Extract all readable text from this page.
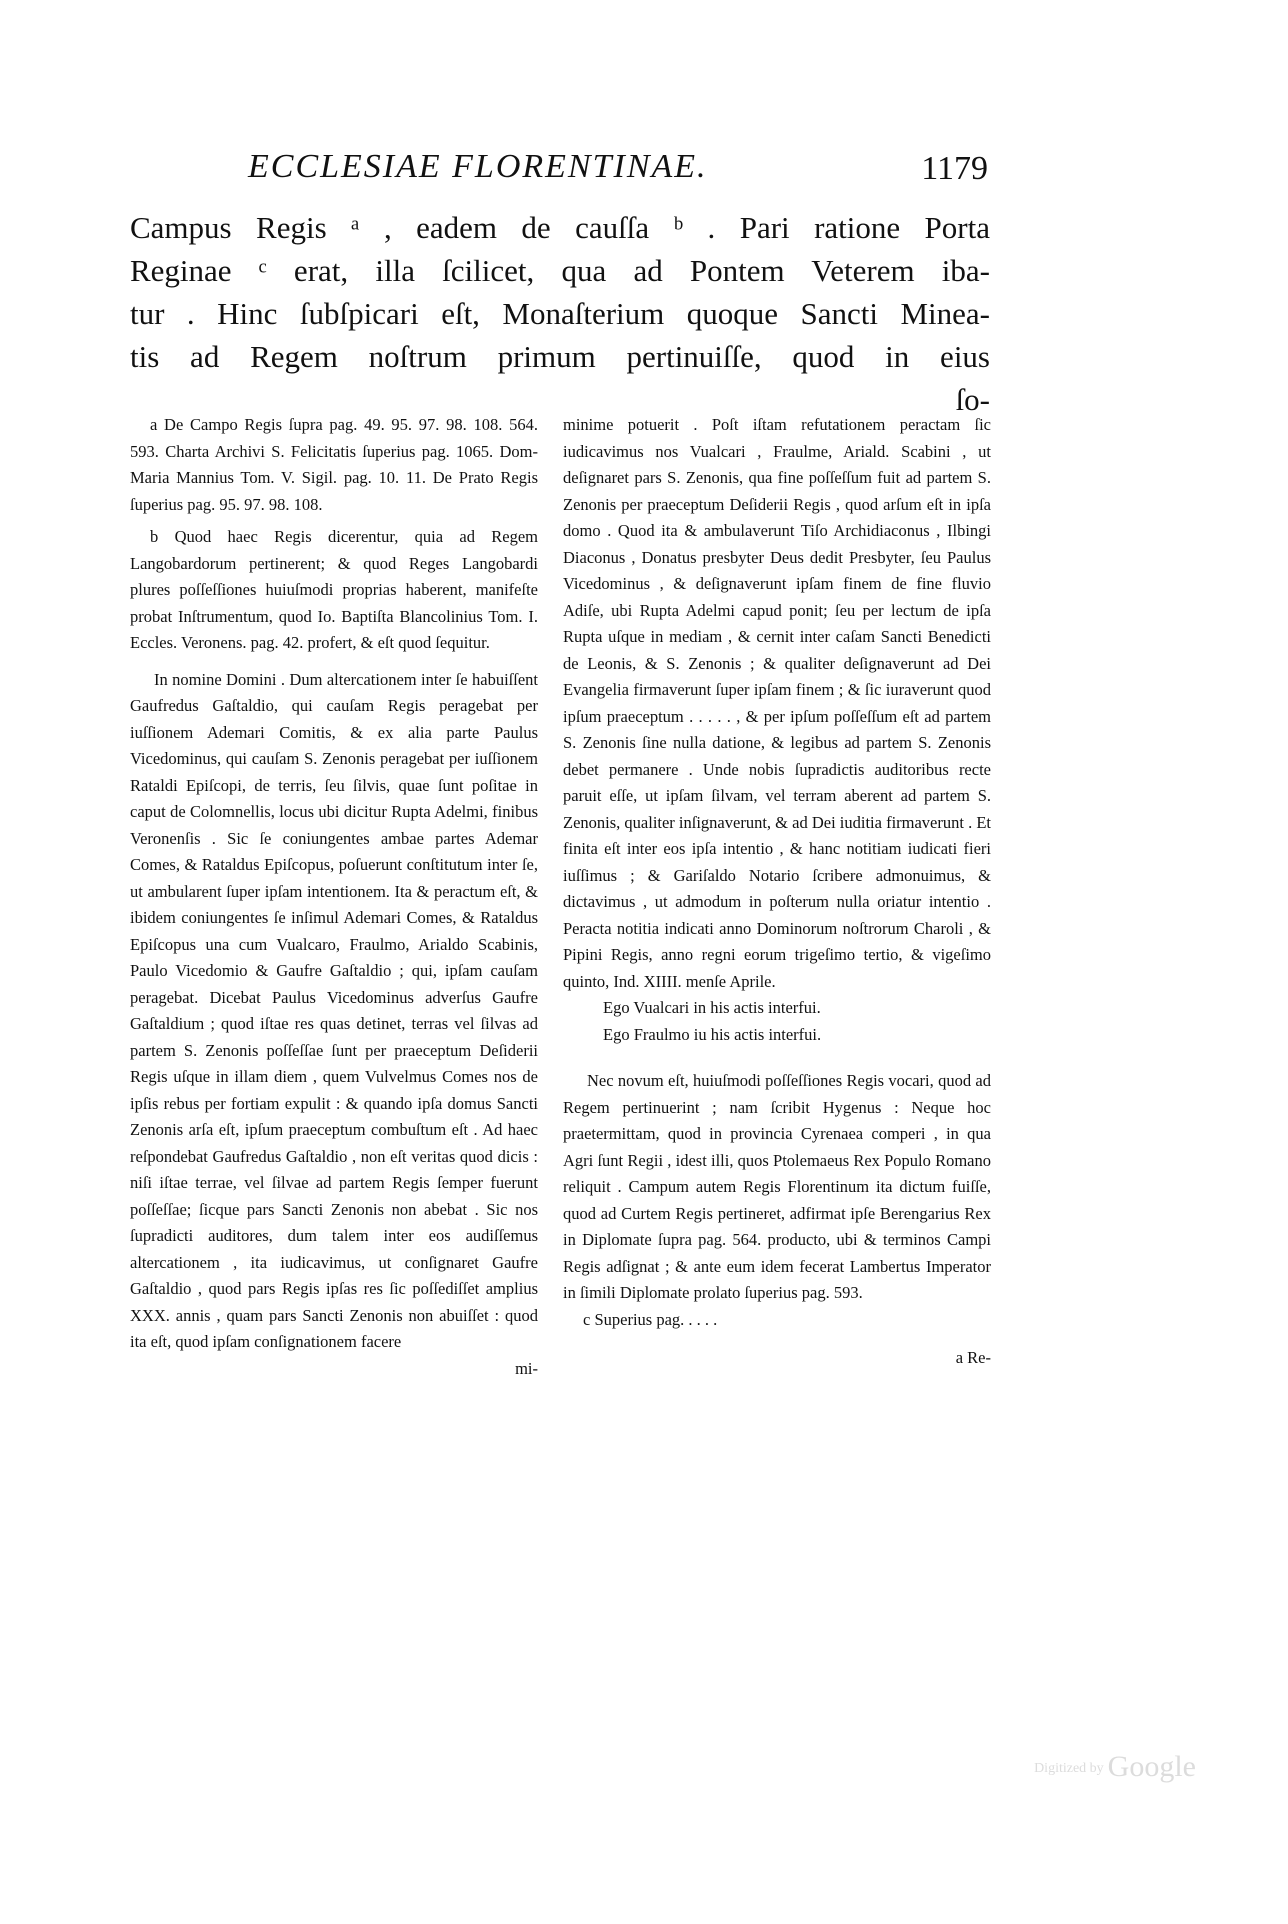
ECCLESIAE FLORENTINAE.	1179
Campus Regis ᵃ , eadem de cauſſa ᵇ . Pari ratione Porta
Reginae ᶜ erat, illa ſcilicet, qua ad Pontem Veterem iba-
tur . Hinc ſubſpicari eſt, Monaſterium quoque Sancti Minea-
tis ad Regem noſtrum primum pertinuiſſe, quod in eius
ſo-

a De Campo Regis ſupra pag. 49. 95. 97. 98. 108. 564. 593. Charta Archivi S. Felicitatis ſuperius pag. 1065. Dom-Maria Mannius Tom. V. Sigil. pag. 10. 11. De Prato Regis ſuperius pag. 95. 97. 98. 108.

b Quod haec Regis dicerentur, quia ad Regem Langobardorum pertinerent; & quod Reges Langobardi plures poſſeſſiones huiuſmodi proprias haberent, manifeſte probat Inſtrumentum, quod Io. Baptiſta Blancolinius Tom. I. Eccles. Veronens. pag. 42. profert, & eſt quod ſequitur.

In nomine Domini . Dum altercationem inter ſe habuiſſent Gaufredus Gaſtaldio, qui cauſam Regis peragebat per iuſſionem Ademari Comitis, & ex alia parte Paulus Vicedominus, qui cauſam S. Zenonis peragebat per iuſſionem Rataldi Epiſcopi, de terris, ſeu ſilvis, quae ſunt poſitae in caput de Colomnellis, locus ubi dicitur Rupta Adelmi, finibus Veronenſis . Sic ſe coniungentes ambae partes Ademar Comes, & Rataldus Epiſcopus, poſuerunt conſtitutum inter ſe, ut ambularent ſuper ipſam intentionem. Ita & peractum eſt, & ibidem coniungentes ſe inſimul Ademari Comes, & Rataldus Epiſcopus una cum Vualcaro, Fraulmo, Arialdo Scabinis, Paulo Vicedomio & Gaufre Gaſtaldio ; qui, ipſam cauſam peragebat. Dicebat Paulus Vicedominus adverſus Gaufre Gaſtaldium ; quod iſtae res quas detinet, terras vel ſilvas ad partem S. Zenonis poſſeſſae ſunt per praeceptum Deſiderii Regis uſque in illam diem , quem Vulvelmus Comes nos de ipſis rebus per fortiam expulit : & quando ipſa domus Sancti Zenonis arſa eſt, ipſum praeceptum combuſtum eſt . Ad haec reſpondebat Gaufredus Gaſtaldio , non eſt veritas quod dicis : niſi iſtae terrae, vel ſilvae ad partem Regis ſemper fuerunt poſſeſſae; ſicque pars Sancti Zenonis non abebat . Sic nos ſupradicti auditores, dum talem inter eos audiſſemus altercationem , ita iudicavimus, ut conſignaret Gaufre Gaſtaldio , quod pars Regis ipſas res ſic poſſediſſet amplius XXX. annis , quam pars Sancti Zenonis non abuiſſet : quod ita eſt, quod ipſam conſignationem facere

mi-

minime potuerit . Poſt iſtam refutationem peractam ſic iudicavimus nos Vualcari , Fraulme, Ariald. Scabini , ut deſignaret pars S. Zenonis, qua fine poſſeſſum fuit ad partem S. Zenonis per praeceptum Deſiderii Regis , quod arſum eſt in ipſa domo . Quod ita & ambulaverunt Tiſo Archidiaconus , Ilbingi Diaconus , Donatus presbyter Deus dedit Presbyter, ſeu Paulus Vicedominus , & deſignaverunt ipſam finem de fine fluvio Adiſe, ubi Rupta Adelmi capud ponit; ſeu per lectum de ipſa Rupta uſque in mediam , & cernit inter caſam Sancti Benedicti de Leonis, & S. Zenonis ; & qualiter deſignaverunt ad Dei Evangelia firmaverunt ſuper ipſam finem ; & ſic iuraverunt quod ipſum praeceptum . . . . . , & per ipſum poſſeſſum eſt ad partem S. Zenonis ſine nulla datione, & legibus ad partem S. Zenonis debet permanere . Unde nobis ſupradictis auditoribus recte paruit eſſe, ut ipſam ſilvam, vel terram aberent ad partem S. Zenonis, qualiter inſignaverunt, & ad Dei iuditia firmaverunt . Et finita eſt inter eos ipſa intentio , & hanc notitiam iudicati fieri iuſſimus ; & Gariſaldo Notario ſcribere admonuimus, & dictavimus , ut admodum in poſterum nulla oriatur intentio . Peracta notitia indicati anno Dominorum noſtrorum Charoli , & Pipini Regis, anno regni eorum trigeſimo tertio, & vigeſimo quinto, Ind. XIIII. menſe Aprile.

Ego Vualcari in his actis interfui.

Ego Fraulmo iu his actis interfui.

Nec novum eſt, huiuſmodi poſſeſſiones Regis vocari, quod ad Regem pertinuerint ; nam ſcribit Hygenus : Neque hoc praetermittam, quod in provincia Cyrenaea comperi , in qua Agri ſunt Regii , idest illi, quos Ptolemaeus Rex Populo Romano reliquit . Campum autem Regis Florentinum ita dictum fuiſſe, quod ad Curtem Regis pertineret, adfirmat ipſe Berengarius Rex in Diplomate ſupra pag. 564. producto, ubi & terminos Campi Regis adſignat ; & ante eum idem fecerat Lambertus Imperator in ſimili Diplomate prolato ſuperius pag. 593.

c Superius pag. . . . .

a Re-

Digitized by Google
